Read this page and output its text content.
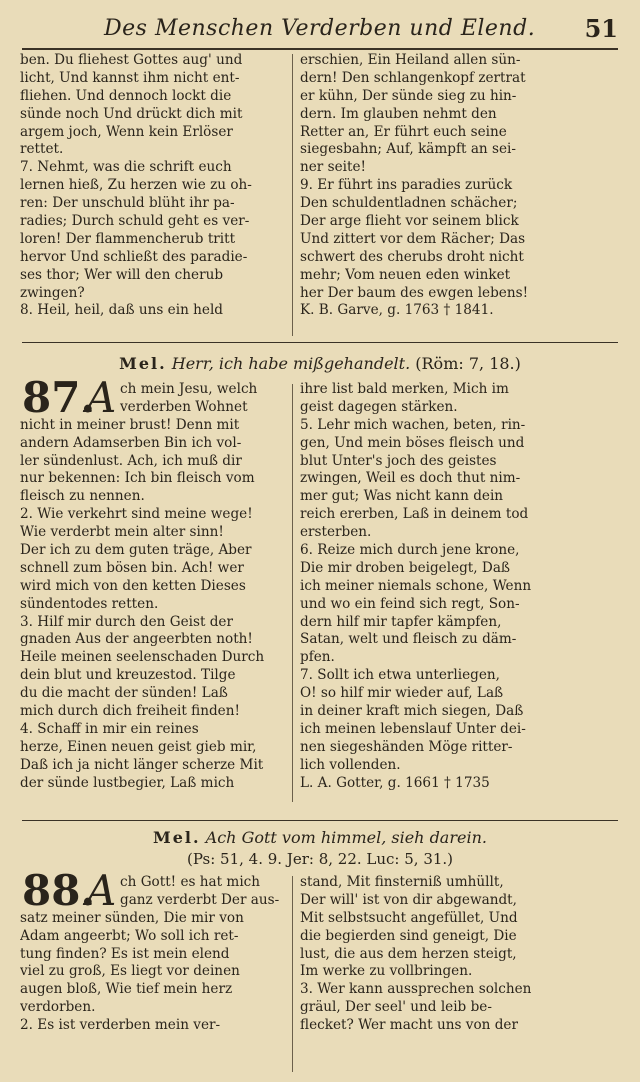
Des Menschen Verderben und Elend. 51
ben. Du fliehest Gottes aug' und
licht, Und kannst ihm nicht ent-
fliehen. Und dennoch lockt die
sünde noch Und drückt dich mit
argem joch, Wenn kein Erlöser
rettet.
7. Nehmt, was die schrift euch
lernen hieß, Zu herzen wie zu oh-
ren: Der unschuld blüht ihr pa-
radies; Durch schuld geht es ver-
loren! Der flammencherub tritt
hervor Und schließt des paradie-
ses thor; Wer will den cherub
zwingen?
8. Heil, heil, daß uns ein held
erschien, Ein Heiland allen sün-
dern! Den schlangenkopf zertrat
er kühn, Der sünde sieg zu hin-
dern. Im glauben nehmt den
Retter an, Er führt euch seine
siegesbahn; Auf, kämpft an sei-
ner seite!
9. Er führt ins paradies zurück
Den schuldentladnen schächer;
Der arge flieht vor seinem blick
Und zittert vor dem Rächer; Das
schwert des cherubs droht nicht
mehr; Vom neuen eden winket
her Der baum des ewgen lebens!
K. B. Garve, g. 1763 † 1841.
Mel. Herr, ich habe mißgehandelt. (Röm: 7, 18.)
87.
A ch mein Jesu, welch
verderben Wohnet
nicht in meiner brust! Denn mit
andern Adamserben Bin ich vol-
ler sündenlust. Ach, ich muß dir
nur bekennen: Ich bin fleisch vom
fleisch zu nennen.
2. Wie verkehrt sind meine wege!
Wie verderbt mein alter sinn!
Der ich zu dem guten träge, Aber
schnell zum bösen bin. Ach! wer
wird mich von den ketten Dieses
sündentodes retten.
3. Hilf mir durch den Geist der
gnaden Aus der angeerbten noth!
Heile meinen seelenschaden Durch
dein blut und kreuzestod. Tilge
du die macht der sünden! Laß
mich durch dich freiheit finden!
4. Schaff in mir ein reines
herze, Einen neuen geist gieb mir,
Daß ich ja nicht länger scherze Mit
der sünde lustbegier, Laß mich
ihre list bald merken, Mich im
geist dagegen stärken.
5. Lehr mich wachen, beten, rin-
gen, Und mein böses fleisch und
blut Unter's joch des geistes
zwingen, Weil es doch thut nim-
mer gut; Was nicht kann dein
reich ererben, Laß in deinem tod
ersterben.
6. Reize mich durch jene krone,
Die mir droben beigelegt, Daß
ich meiner niemals schone, Wenn
und wo ein feind sich regt, Son-
dern hilf mir tapfer kämpfen,
Satan, welt und fleisch zu däm-
pfen.
7. Sollt ich etwa unterliegen,
O! so hilf mir wieder auf, Laß
in deiner kraft mich siegen, Daß
ich meinen lebenslauf Unter dei-
nen siegeshänden Möge ritter-
lich vollenden.
L. A. Gotter, g. 1661 † 1735
Mel. Ach Gott vom himmel, sieh darein.
(Ps: 51, 4. 9. Jer: 8, 22. Luc: 5, 31.)
88.
A ch Gott! es hat mich
ganz verderbt Der aus-
satz meiner sünden, Die mir von
Adam angeerbt; Wo soll ich ret-
tung finden? Es ist mein elend
viel zu groß, Es liegt vor deinen
augen bloß, Wie tief mein herz
verdorben.
2. Es ist verderben mein ver-
stand, Mit finsterniß umhüllt,
Der will' ist von dir abgewandt,
Mit selbstsucht angefüllet, Und
die begierden sind geneigt, Die
lust, die aus dem herzen steigt,
Im werke zu vollbringen.
3. Wer kann aussprechen solchen
gräul, Der seel' und leib be-
flecket? Wer macht uns von der
